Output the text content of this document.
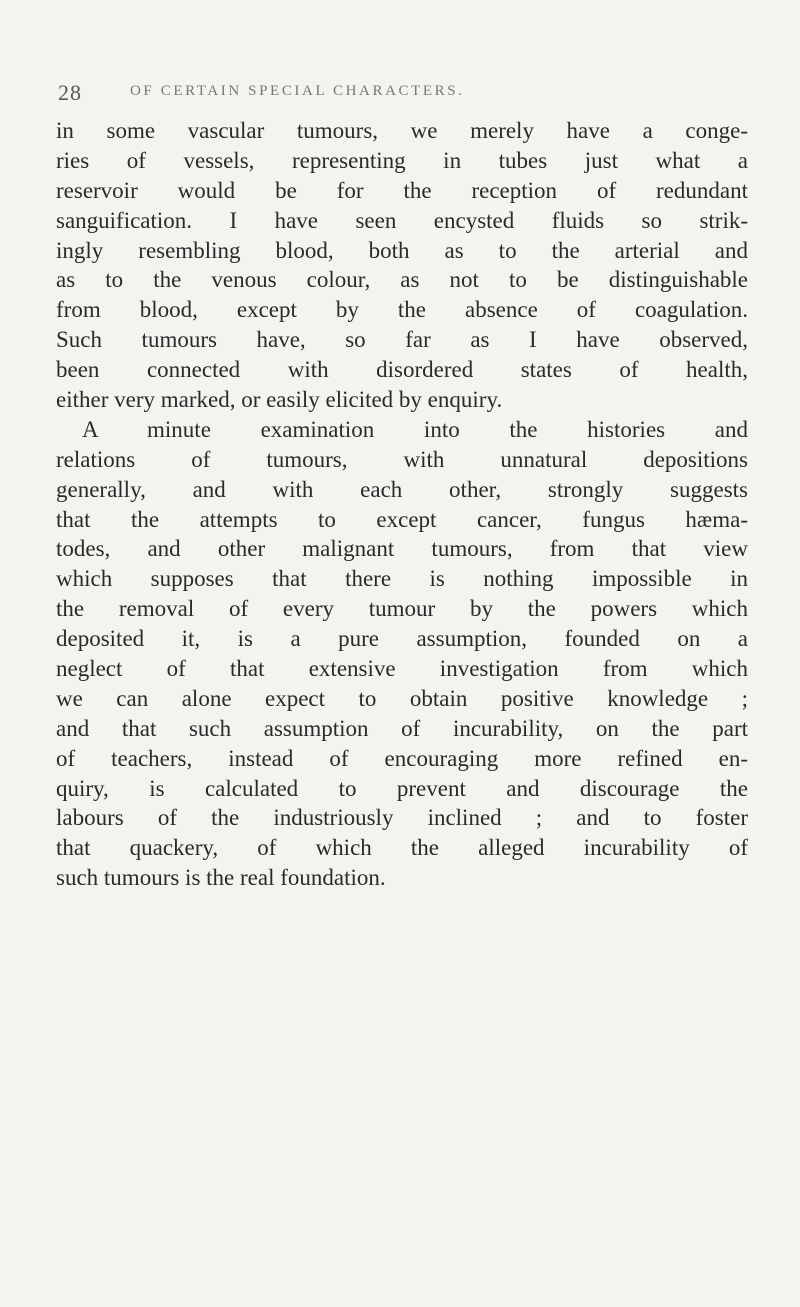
28	OF CERTAIN SPECIAL CHARACTERS.
in some vascular tumours, we merely have a conge-
ries of vessels, representing in tubes just what a
reservoir would be for the reception of redundant
sanguification. I have seen encysted fluids so strik-
ingly resembling blood, both as to the arterial and
as to the venous colour, as not to be distinguishable
from blood, except by the absence of coagulation.
Such tumours have, so far as I have observed,
been connected with disordered states of health,
either very marked, or easily elicited by enquiry.
A minute examination into the histories and
relations of tumours, with unnatural depositions
generally, and with each other, strongly suggests
that the attempts to except cancer, fungus hæma-
todes, and other malignant tumours, from that view
which supposes that there is nothing impossible in
the removal of every tumour by the powers which
deposited it, is a pure assumption, founded on a
neglect of that extensive investigation from which
we can alone expect to obtain positive knowledge ;
and that such assumption of incurability, on the part
of teachers, instead of encouraging more refined en-
quiry, is calculated to prevent and discourage the
labours of the industriously inclined ; and to foster
that quackery, of which the alleged incurability of
such tumours is the real foundation.
